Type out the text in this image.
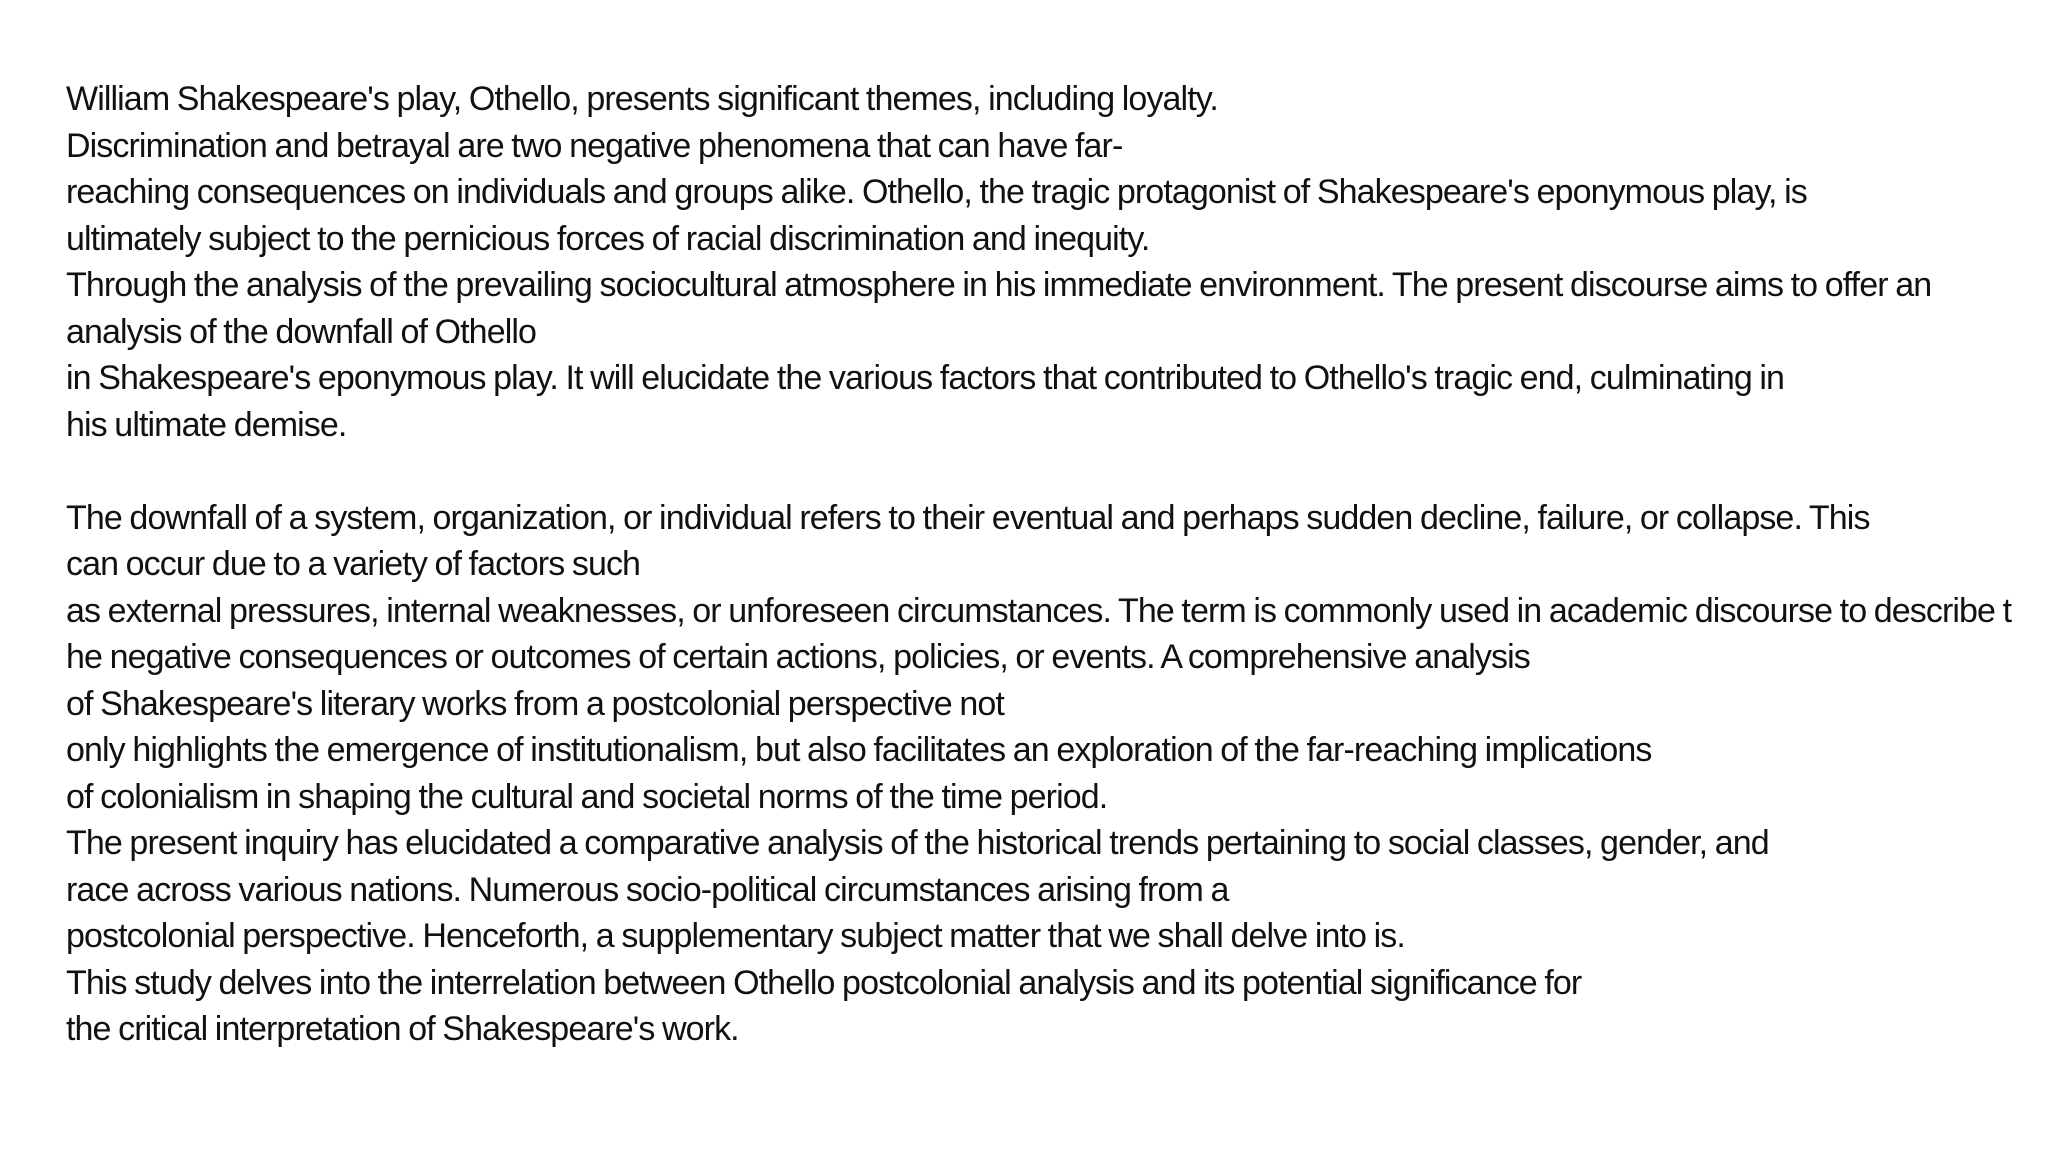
William Shakespeare's play, Othello, presents significant themes, including loyalty.
Discrimination and betrayal are two negative phenomena that can have far-
reaching consequences on individuals and groups alike. Othello, the tragic protagonist of Shakespeare's eponymous play, is
ultimately subject to the pernicious forces of racial discrimination and inequity.
Through the analysis of the prevailing sociocultural atmosphere in his immediate environment. The present discourse aims to offer an
analysis of the downfall of Othello
in Shakespeare's eponymous play. It will elucidate the various factors that contributed to Othello's tragic end, culminating in
his ultimate demise.
The downfall of a system, organization, or individual refers to their eventual and perhaps sudden decline, failure, or collapse. This
can occur due to a variety of factors such
as external pressures, internal weaknesses, or unforeseen circumstances. The term is commonly used in academic discourse to describe t
he negative consequences or outcomes of certain actions, policies, or events. A comprehensive analysis
of Shakespeare's literary works from a postcolonial perspective not
only highlights the emergence of institutionalism, but also facilitates an exploration of the far-reaching implications
of colonialism in shaping the cultural and societal norms of the time period.
The present inquiry has elucidated a comparative analysis of the historical trends pertaining to social classes, gender, and
race across various nations. Numerous socio-political circumstances arising from a
postcolonial perspective. Henceforth, a supplementary subject matter that we shall delve into is.
This study delves into the interrelation between Othello postcolonial analysis and its potential significance for
the critical interpretation of Shakespeare's work.
